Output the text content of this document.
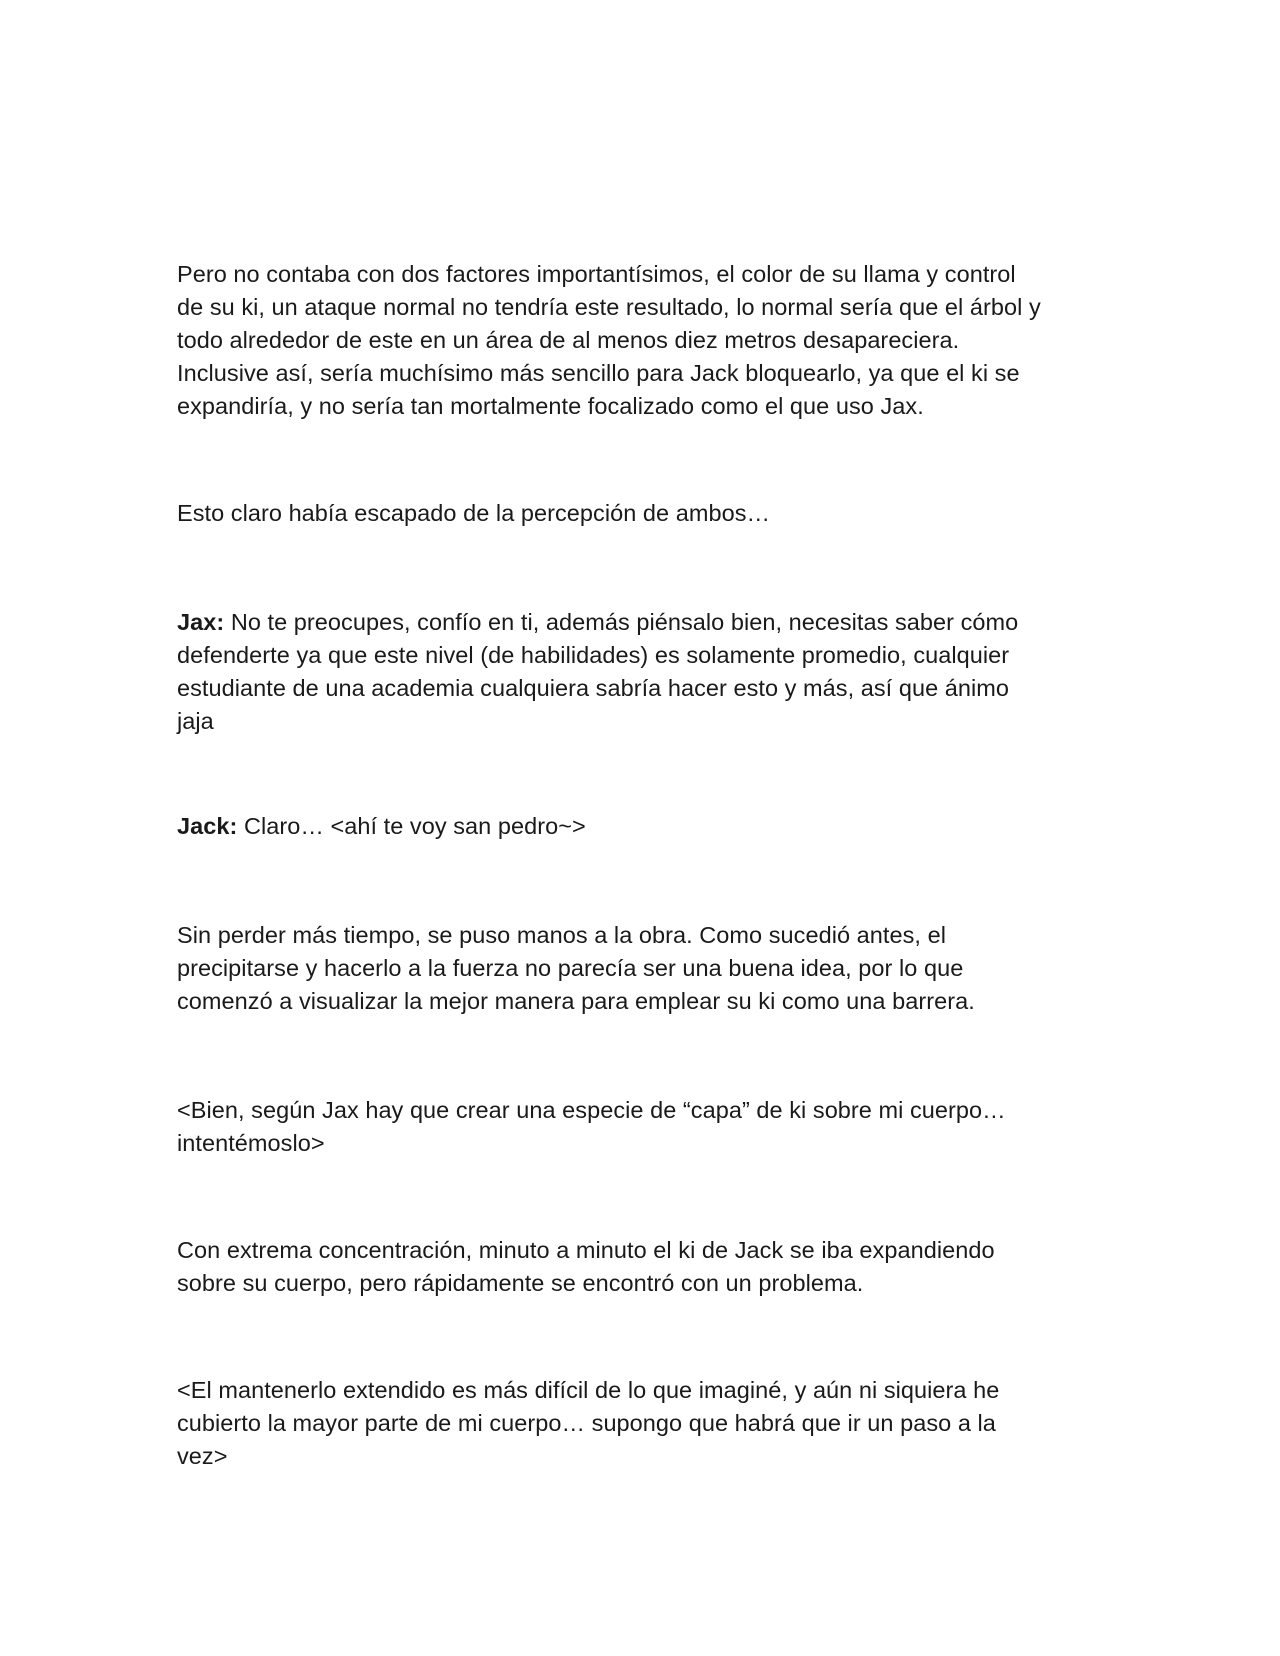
Pero no contaba con dos factores importantísimos, el color de su llama y control
de su ki, un ataque normal no tendría este resultado, lo normal sería que el árbol y
todo alrededor de este en un área de al menos diez metros desapareciera.
Inclusive así, sería muchísimo más sencillo para Jack bloquearlo, ya que el ki se
expandiría, y no sería tan mortalmente focalizado como el que uso Jax.

Esto claro había escapado de la percepción de ambos…

Jax: No te preocupes, confío en ti, además piénsalo bien, necesitas saber cómo
defenderte ya que este nivel (de habilidades) es solamente promedio, cualquier
estudiante de una academia cualquiera sabría hacer esto y más, así que ánimo
jaja

Jack: Claro… <ahí te voy san pedro~>

Sin perder más tiempo, se puso manos a la obra. Como sucedió antes, el
precipitarse y hacerlo a la fuerza no parecía ser una buena idea, por lo que
comenzó a visualizar la mejor manera para emplear su ki como una barrera.

<Bien, según Jax hay que crear una especie de “capa” de ki sobre mi cuerpo…
intentémoslo>

Con extrema concentración, minuto a minuto el ki de Jack se iba expandiendo
sobre su cuerpo, pero rápidamente se encontró con un problema.

<El mantenerlo extendido es más difícil de lo que imaginé, y aún ni siquiera he
cubierto la mayor parte de mi cuerpo… supongo que habrá que ir un paso a la
vez>
